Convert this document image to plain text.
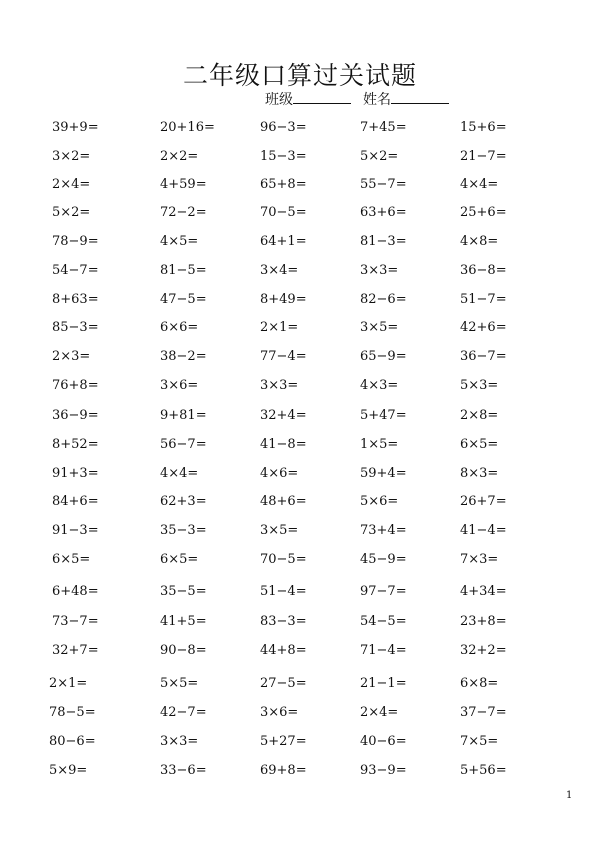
二年级口算过关试题
班级	姓名
39+9=	20+16=	96−3=	7+45=	15+6=
3×2=	2×2=	15−3=	5×2=	21−7=
2×4=	4+59=	65+8=	55−7=	4×4=
5×2=	72−2=	70−5=	63+6=	25+6=
78−9=	4×5=	64+1=	81−3=	4×8=
54−7=	81−5=	3×4=	3×3=	36−8=
8+63=	47−5=	8+49=	82−6=	51−7=
85−3=	6×6=	2×1=	3×5=	42+6=
2×3=	38−2=	77−4=	65−9=	36−7=
76+8=	3×6=	3×3=	4×3=	5×3=
36−9=	9+81=	32+4=	5+47=	2×8=
8+52=	56−7=	41−8=	1×5=	6×5=
91+3=	4×4=	4×6=	59+4=	8×3=
84+6=	62+3=	48+6=	5×6=	26+7=
91−3=	35−3=	3×5=	73+4=	41−4=
6×5=	6×5=	70−5=	45−9=	7×3=
6+48=	35−5=	51−4=	97−7=	4+34=
73−7=	41+5=	83−3=	54−5=	23+8=
32+7=	90−8=	44+8=	71−4=	32+2=
2×1=	5×5=	27−5=	21−1=	6×8=
78−5=	42−7=	3×6=	2×4=	37−7=
80−6=	3×3=	5+27=	40−6=	7×5=
5×9=	33−6=	69+8=	93−9=	5+56=
1
